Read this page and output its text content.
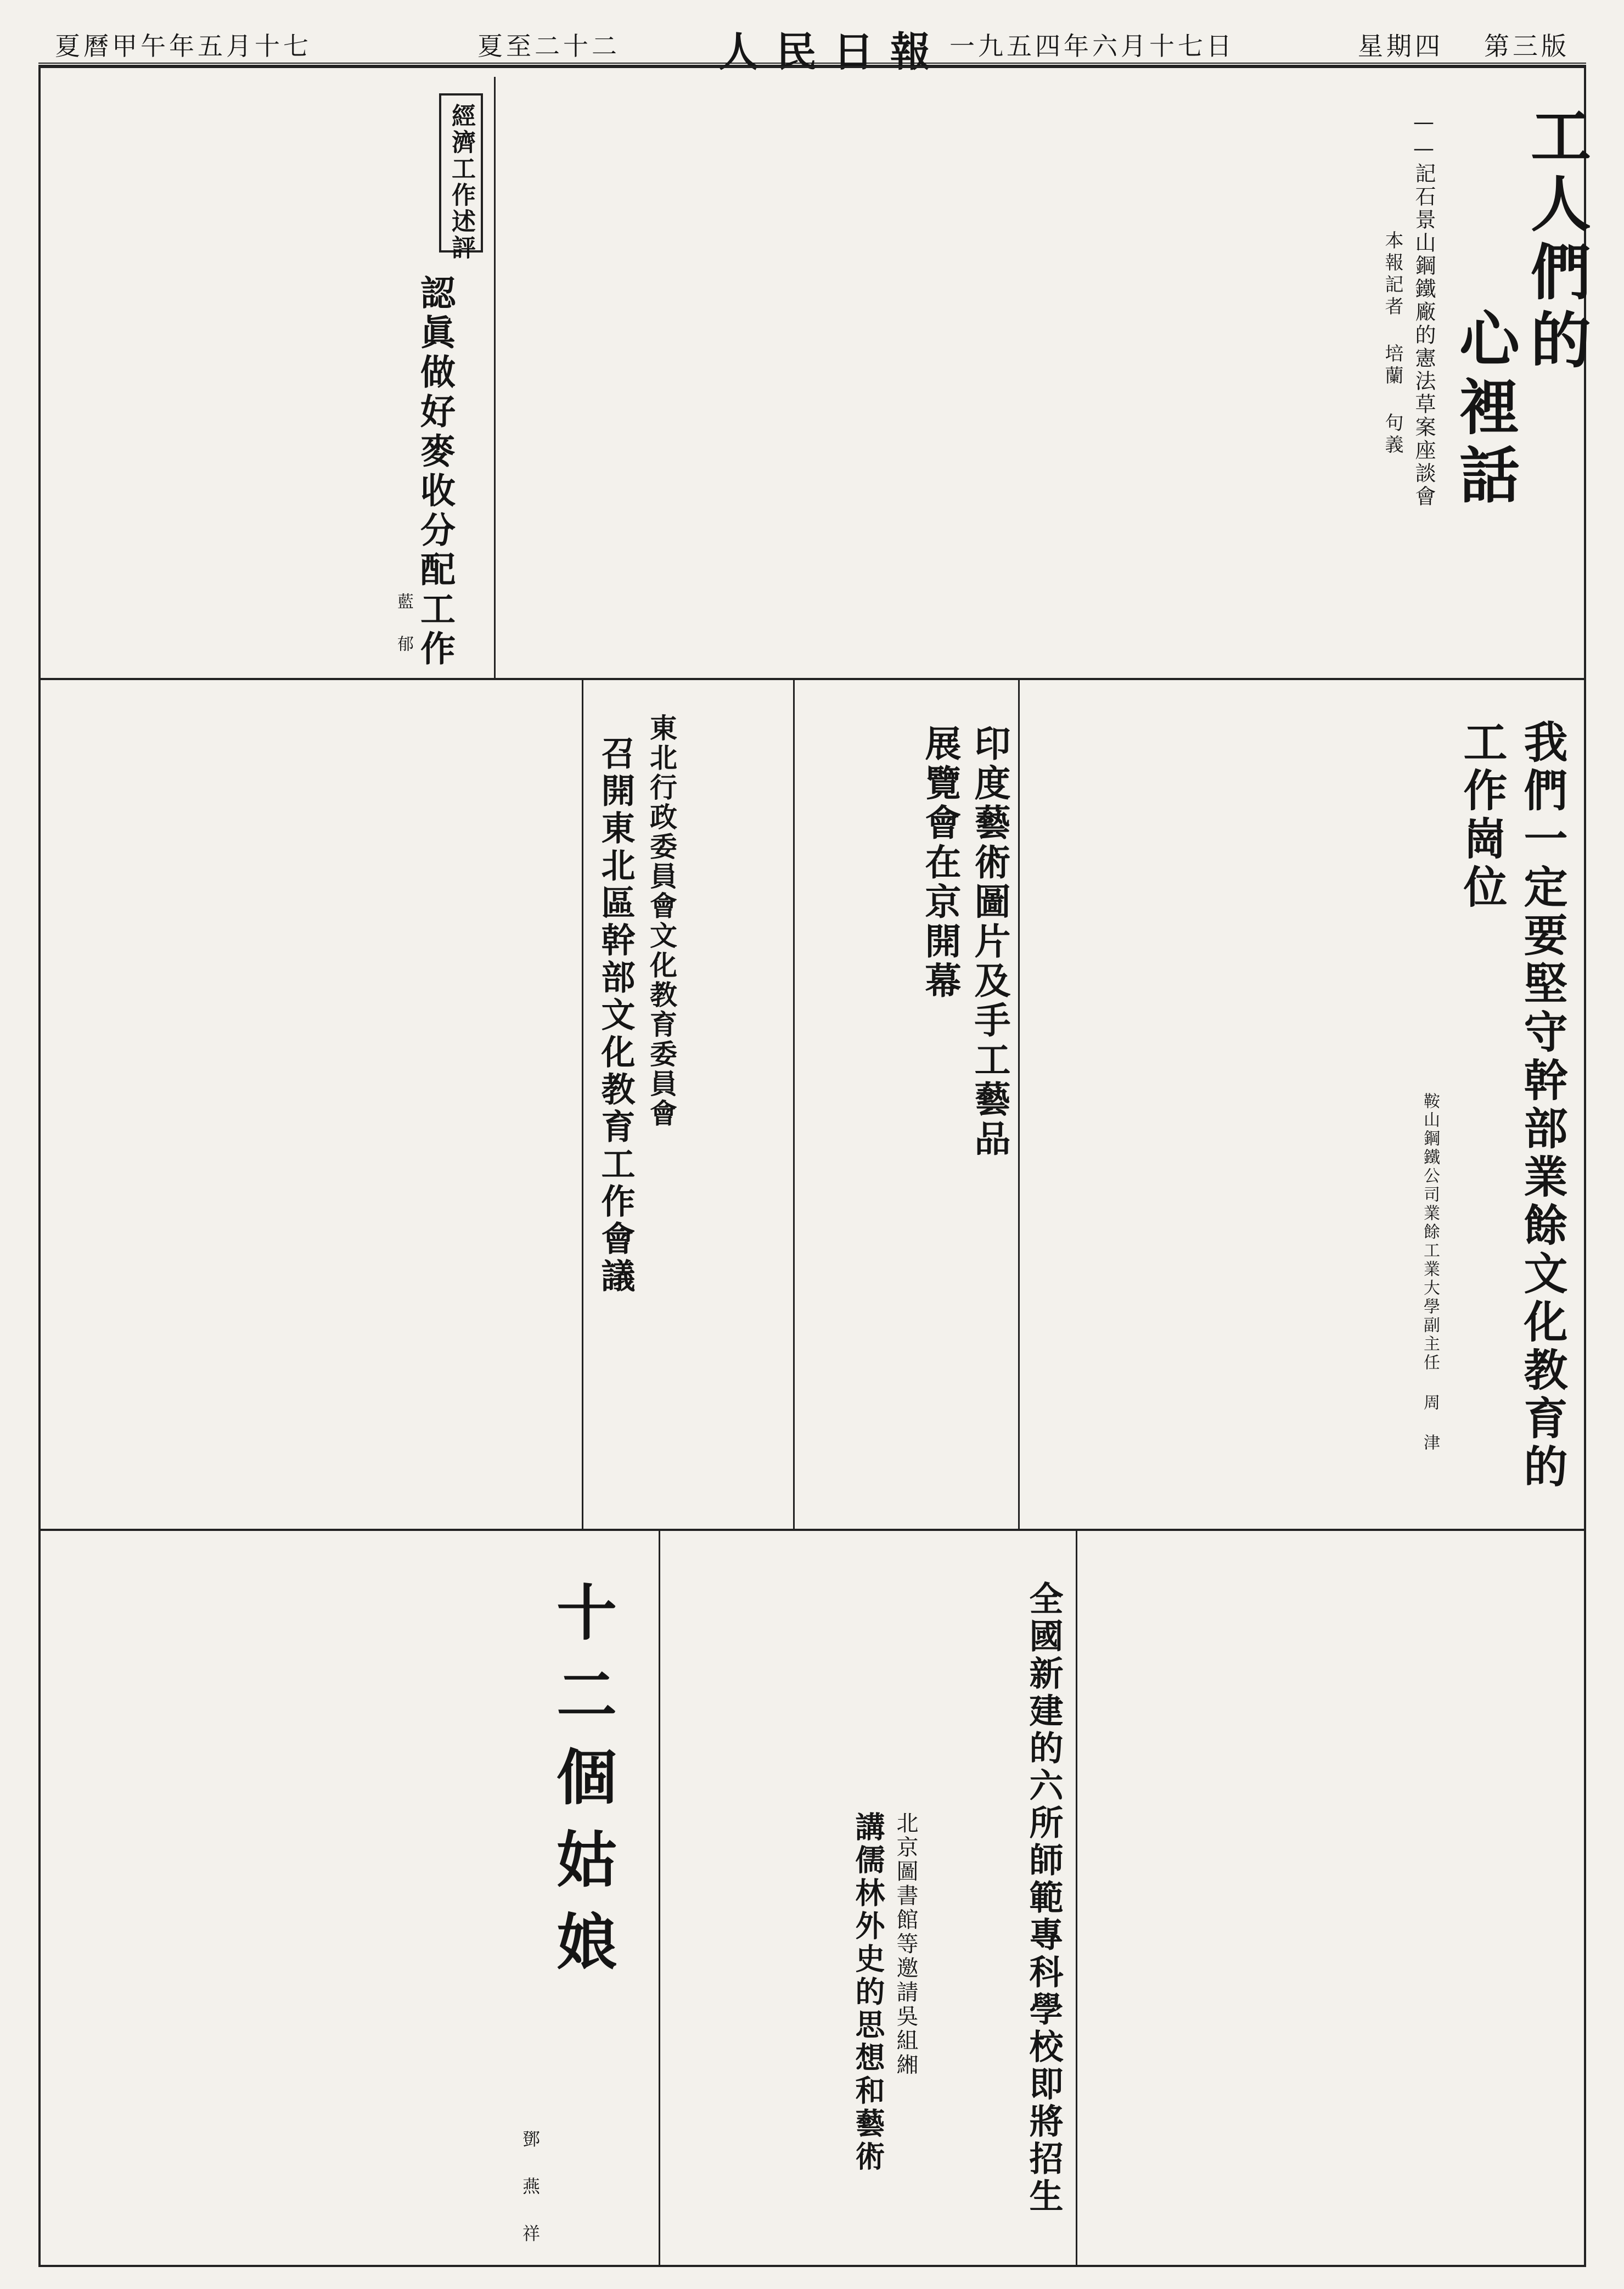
第三版
星期四
一九五四年六月十七日
人民日報
夏至二十二
夏曆甲午年五月十七
工人們的
心裡話
——記石景山鋼鐵廠的憲法草案座談會
本報記者 培蘭 句義
經濟工作述評
認眞做好麥收分配工作
藍 郁
我們一定要堅守幹部業餘文化教育的
工作崗位
鞍山鋼鐵公司業餘工業大學副主任 周 津
印度藝術圖片及手工藝品
展覽會在京開幕
東北行政委員會文化教育委員會
召開東北區幹部文化教育工作會議
全國新建的六所師範專科學校即將招生
北京圖書館等邀請吳組緗
講儒林外史的思想和藝術
十二個姑娘
鄧 燕 祥
